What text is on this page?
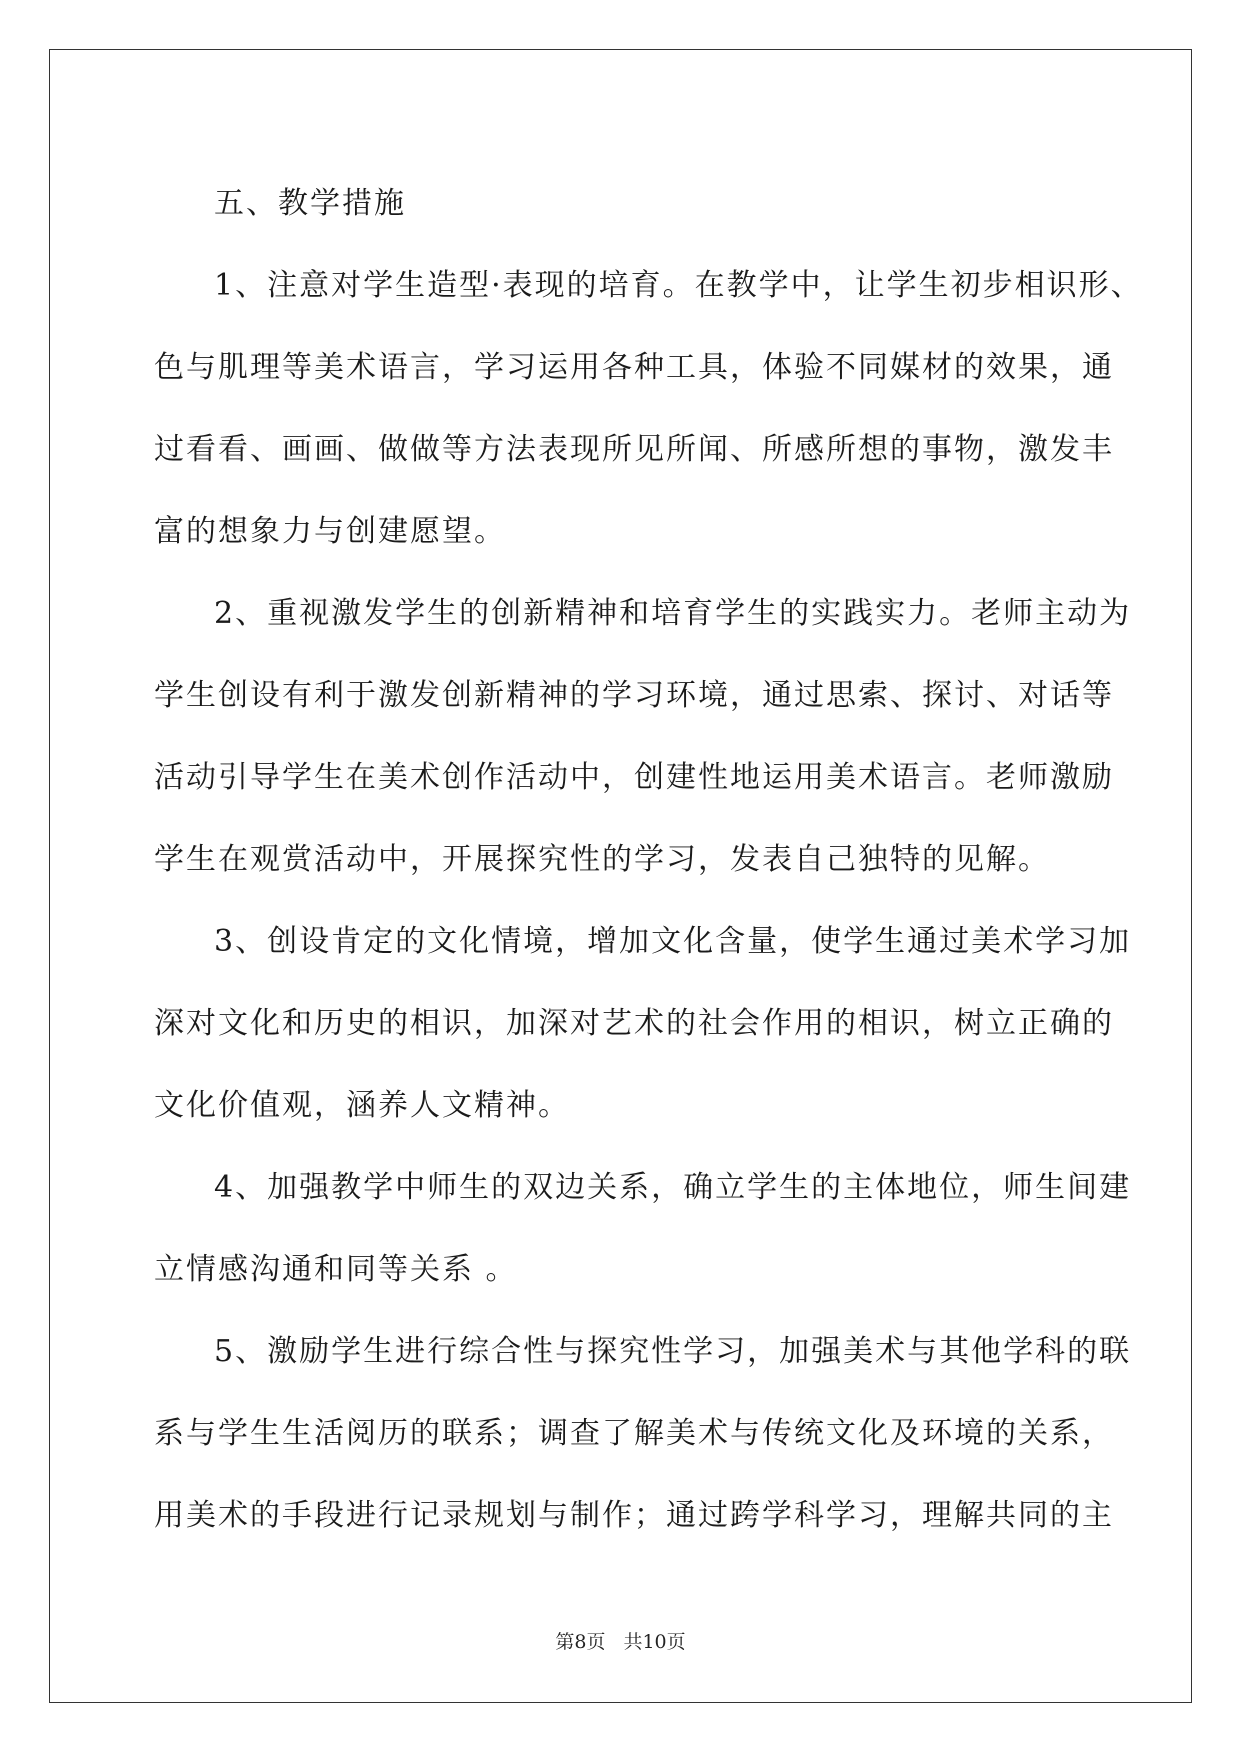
五、教学措施
1、注意对学生造型·表现的培育。在教学中，让学生初步相识形、
色与肌理等美术语言，学习运用各种工具，体验不同媒材的效果，通
过看看、画画、做做等方法表现所见所闻、所感所想的事物，激发丰
富的想象力与创建愿望。
2、重视激发学生的创新精神和培育学生的实践实力。老师主动为
学生创设有利于激发创新精神的学习环境，通过思索、探讨、对话等
活动引导学生在美术创作活动中，创建性地运用美术语言。老师激励
学生在观赏活动中，开展探究性的学习，发表自己独特的见解。
3、创设肯定的文化情境，增加文化含量，使学生通过美术学习加
深对文化和历史的相识，加深对艺术的社会作用的相识，树立正确的
文化价值观，涵养人文精神。
4、加强教学中师生的双边关系，确立学生的主体地位，师生间建
立情感沟通和同等关系 。
5、激励学生进行综合性与探究性学习，加强美术与其他学科的联
系与学生生活阅历的联系；调查了解美术与传统文化及环境的关系，
用美术的手段进行记录规划与制作；通过跨学科学习，理解共同的主
第8页 共10页
